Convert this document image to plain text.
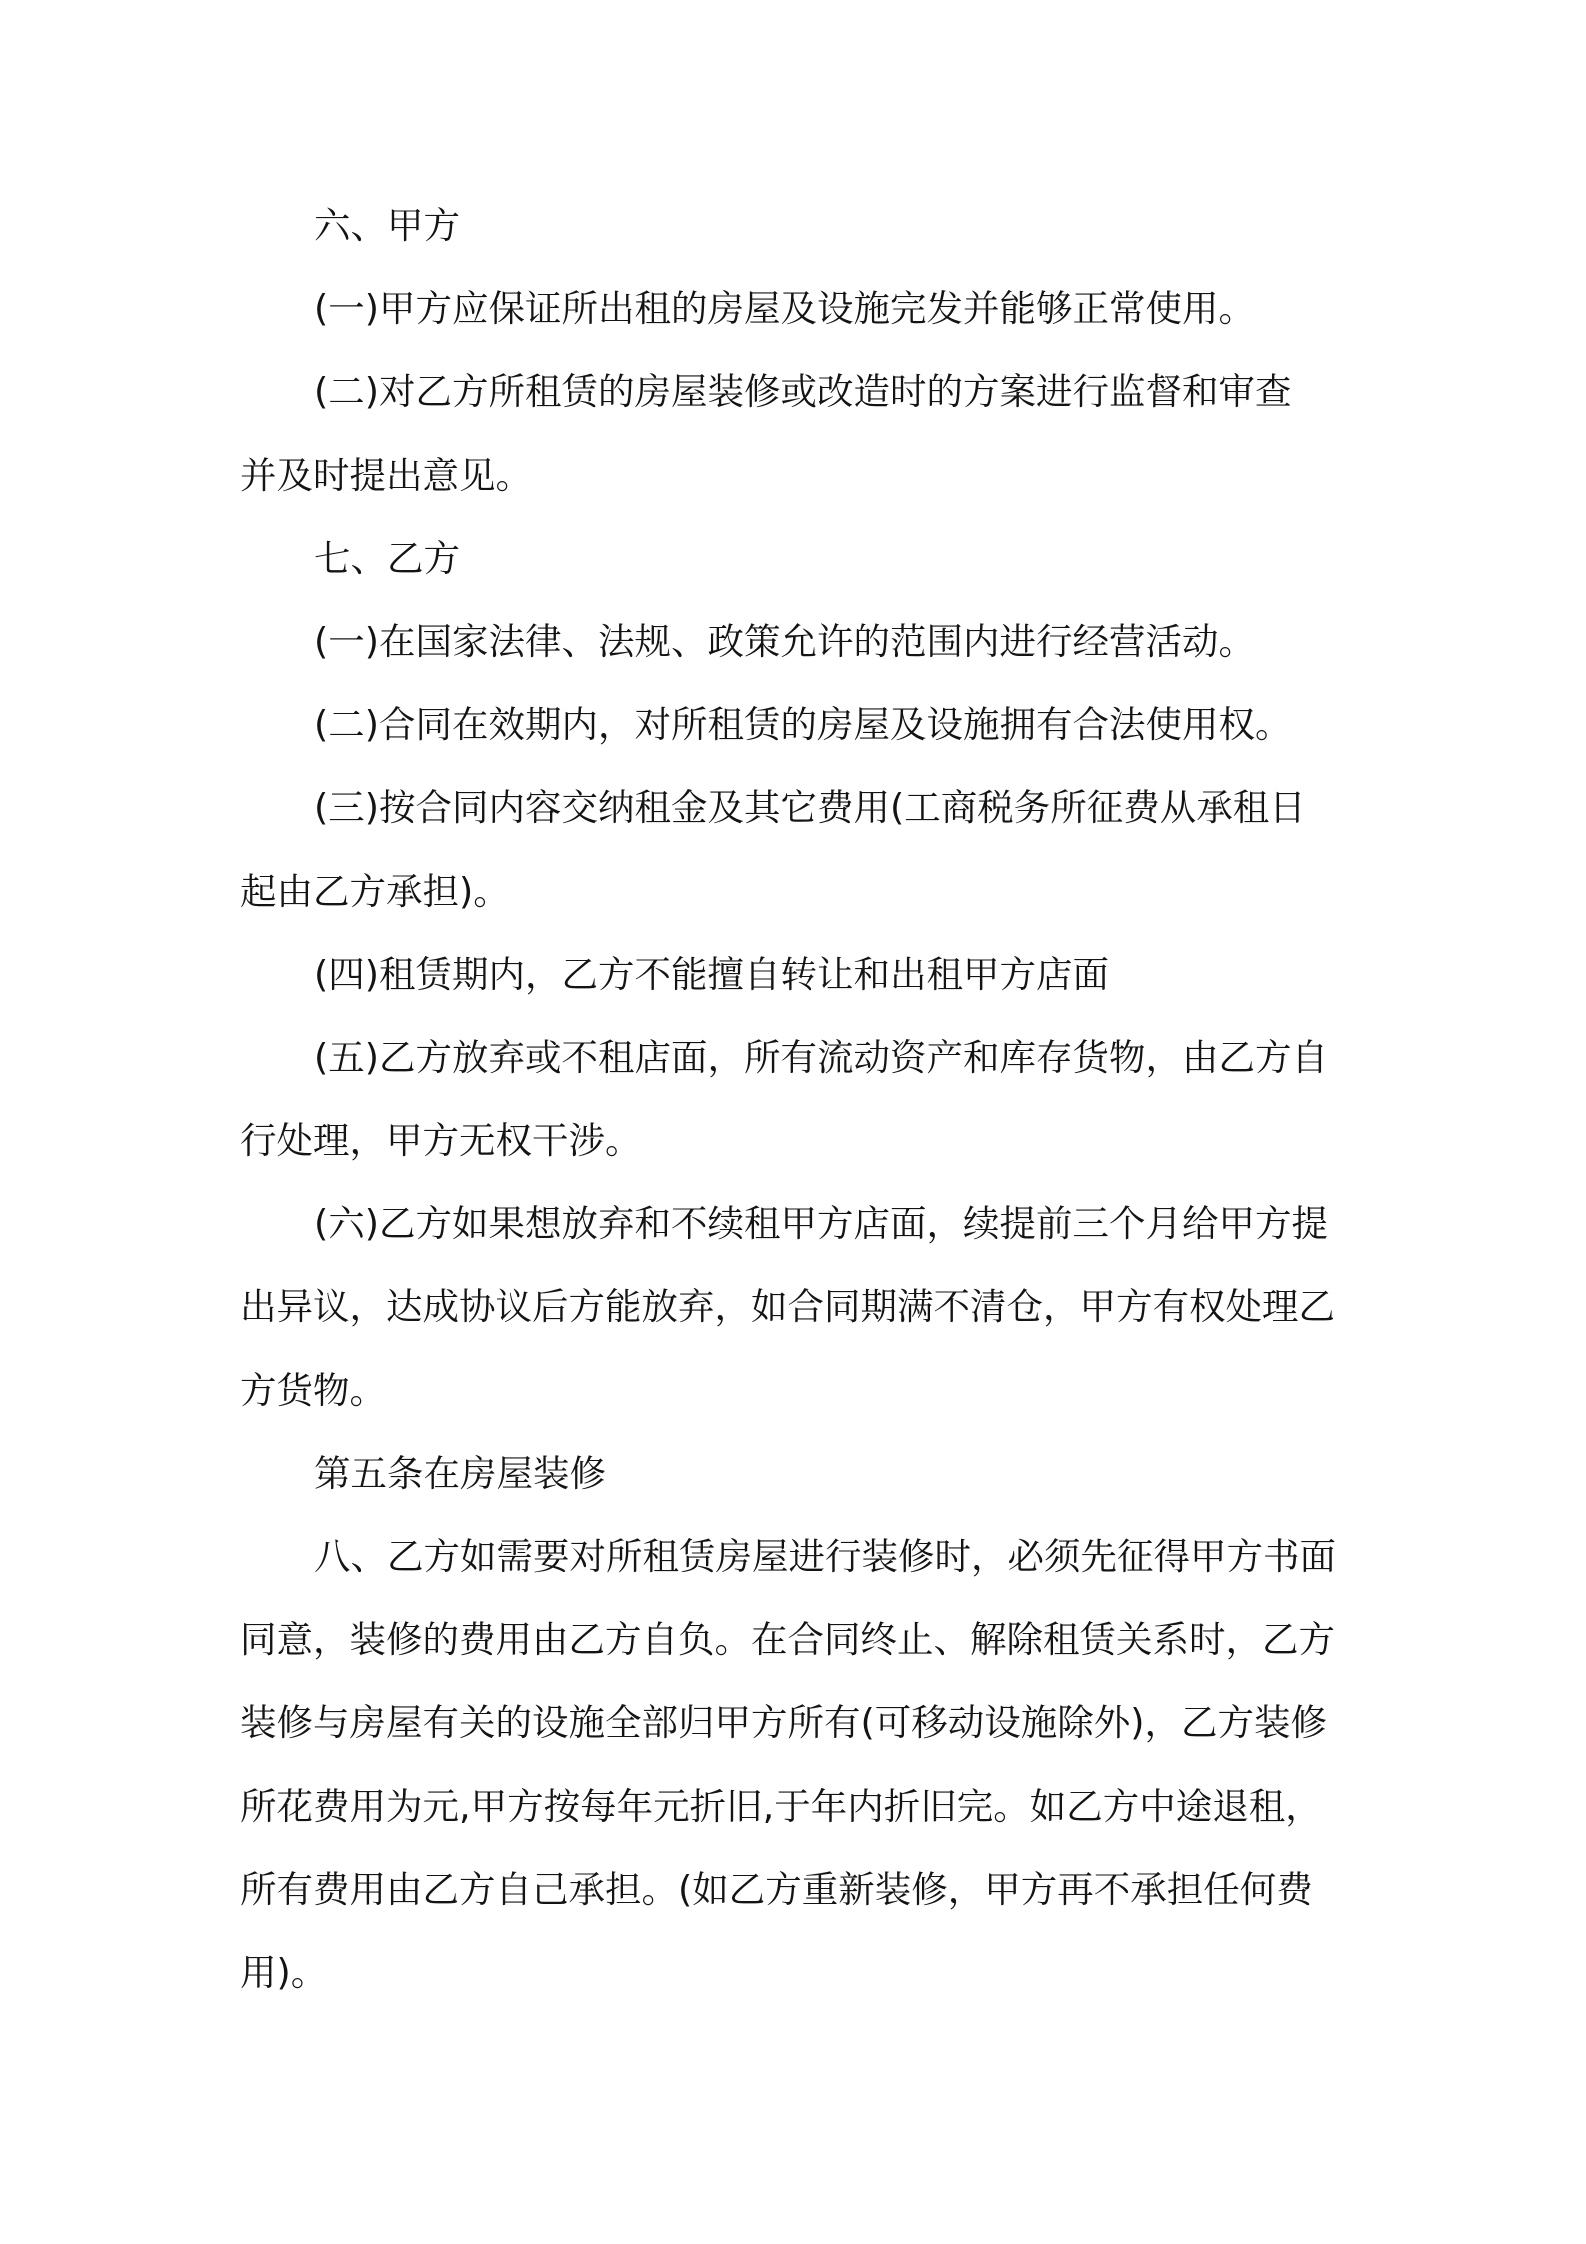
六、甲方
(一)甲方应保证所出租的房屋及设施完发并能够正常使用。
(二)对乙方所租赁的房屋装修或改造时的方案进行监督和审查
并及时提出意见。
七、乙方
(一)在国家法律、法规、政策允许的范围内进行经营活动。
(二)合同在效期内，对所租赁的房屋及设施拥有合法使用权。
(三)按合同内容交纳租金及其它费用(工商税务所征费从承租日
起由乙方承担)。
(四)租赁期内，乙方不能擅自转让和出租甲方店面
(五)乙方放弃或不租店面，所有流动资产和库存货物，由乙方自
行处理，甲方无权干涉。
(六)乙方如果想放弃和不续租甲方店面，续提前三个月给甲方提
出异议，达成协议后方能放弃，如合同期满不清仓，甲方有权处理乙
方货物。
第五条在房屋装修
八、乙方如需要对所租赁房屋进行装修时，必须先征得甲方书面
同意，装修的费用由乙方自负。在合同终止、解除租赁关系时，乙方
装修与房屋有关的设施全部归甲方所有(可移动设施除外)，乙方装修
所花费用为元,甲方按每年元折旧,于年内折旧完。如乙方中途退租，
所有费用由乙方自己承担。(如乙方重新装修，甲方再不承担任何费
用)。
